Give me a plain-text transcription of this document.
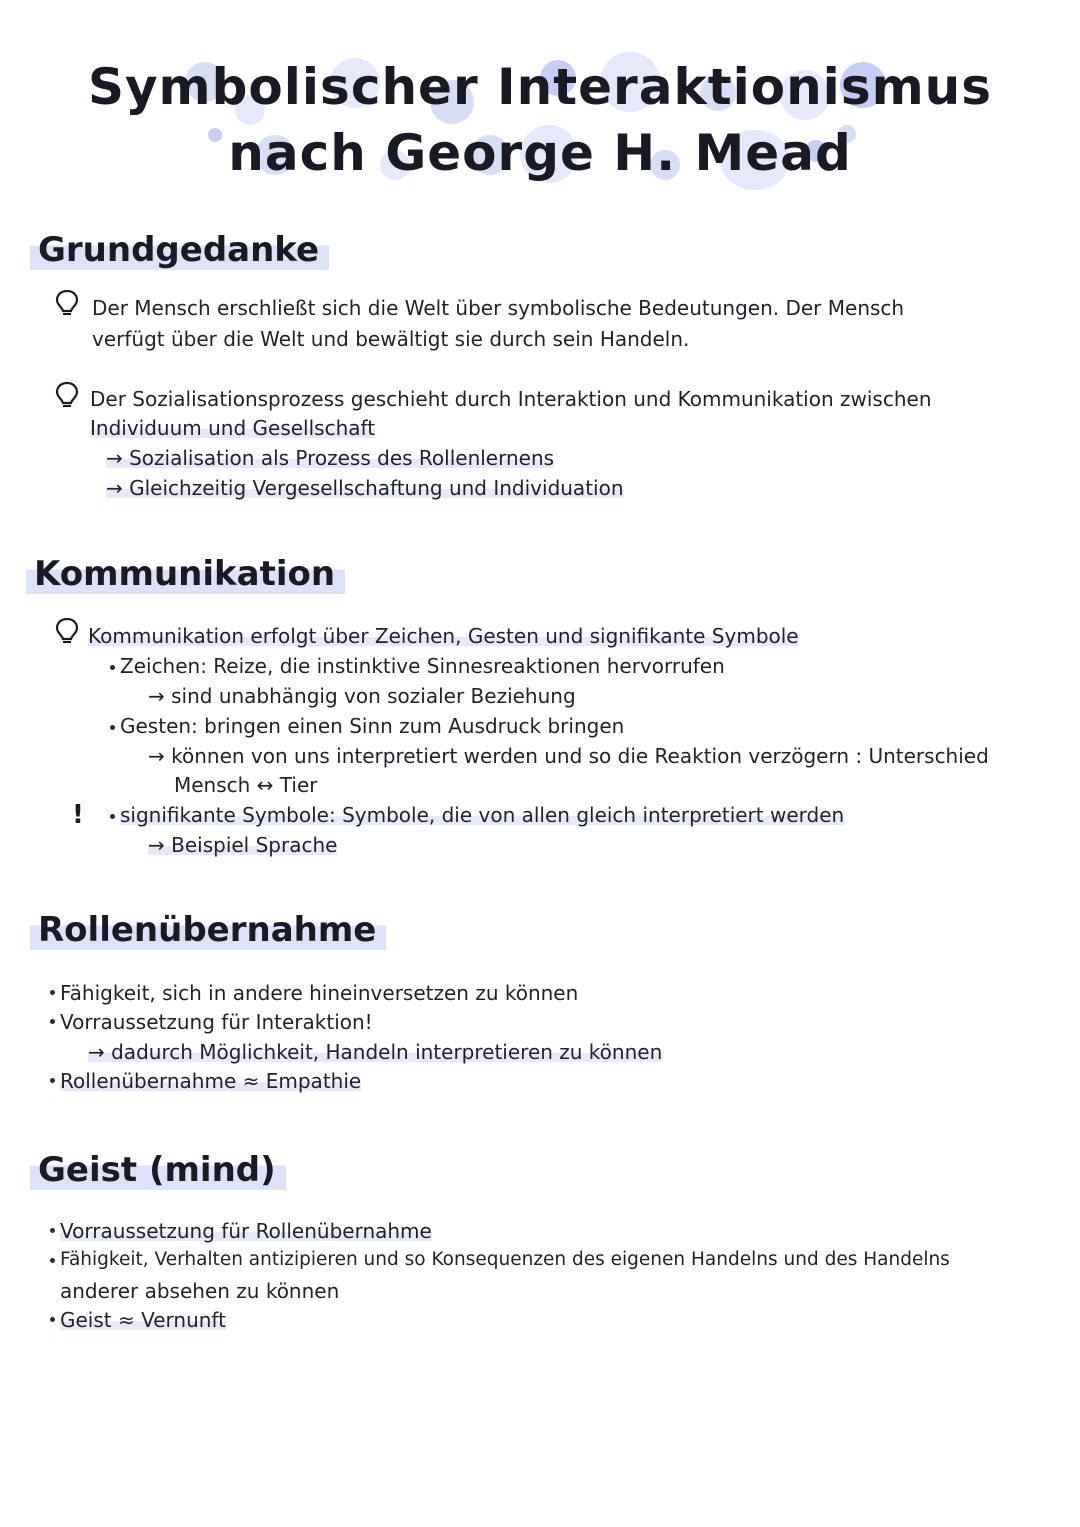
Symbolischer Interaktionismus
nach George H. Mead
Grundgedanke
Der Mensch erschließt sich die Welt über symbolische Bedeutungen. Der Mensch
verfügt über die Welt und bewältigt sie durch sein Handeln.
Der Sozialisationsprozess geschieht durch Interaktion und Kommunikation zwischen
Individuum und Gesellschaft
→ Sozialisation als Prozess des Rollenlernens
→ Gleichzeitig Vergesellschaftung und Individuation
Kommunikation
Kommunikation erfolgt über Zeichen, Gesten und signifikante Symbole
Zeichen: Reize, die instinktive Sinnesreaktionen hervorrufen
→ sind unabhängig von sozialer Beziehung
Gesten: bringen einen Sinn zum Ausdruck bringen
→ können von uns interpretiert werden und so die Reaktion verzögern : Unterschied
Mensch ↔ Tier
! signifikante Symbole: Symbole, die von allen gleich interpretiert werden
→ Beispiel Sprache
Rollenübernahme
Fähigkeit, sich in andere hineinversetzen zu können
Vorraussetzung für Interaktion!
→ dadurch Möglichkeit, Handeln interpretieren zu können
Rollenübernahme ≈ Empathie
Geist (mind)
Vorraussetzung für Rollenübernahme
Fähigkeit, Verhalten antizipieren und so Konsequenzen des eigenen Handelns und des Handelns
anderer absehen zu können
Geist ≈ Vernunft
